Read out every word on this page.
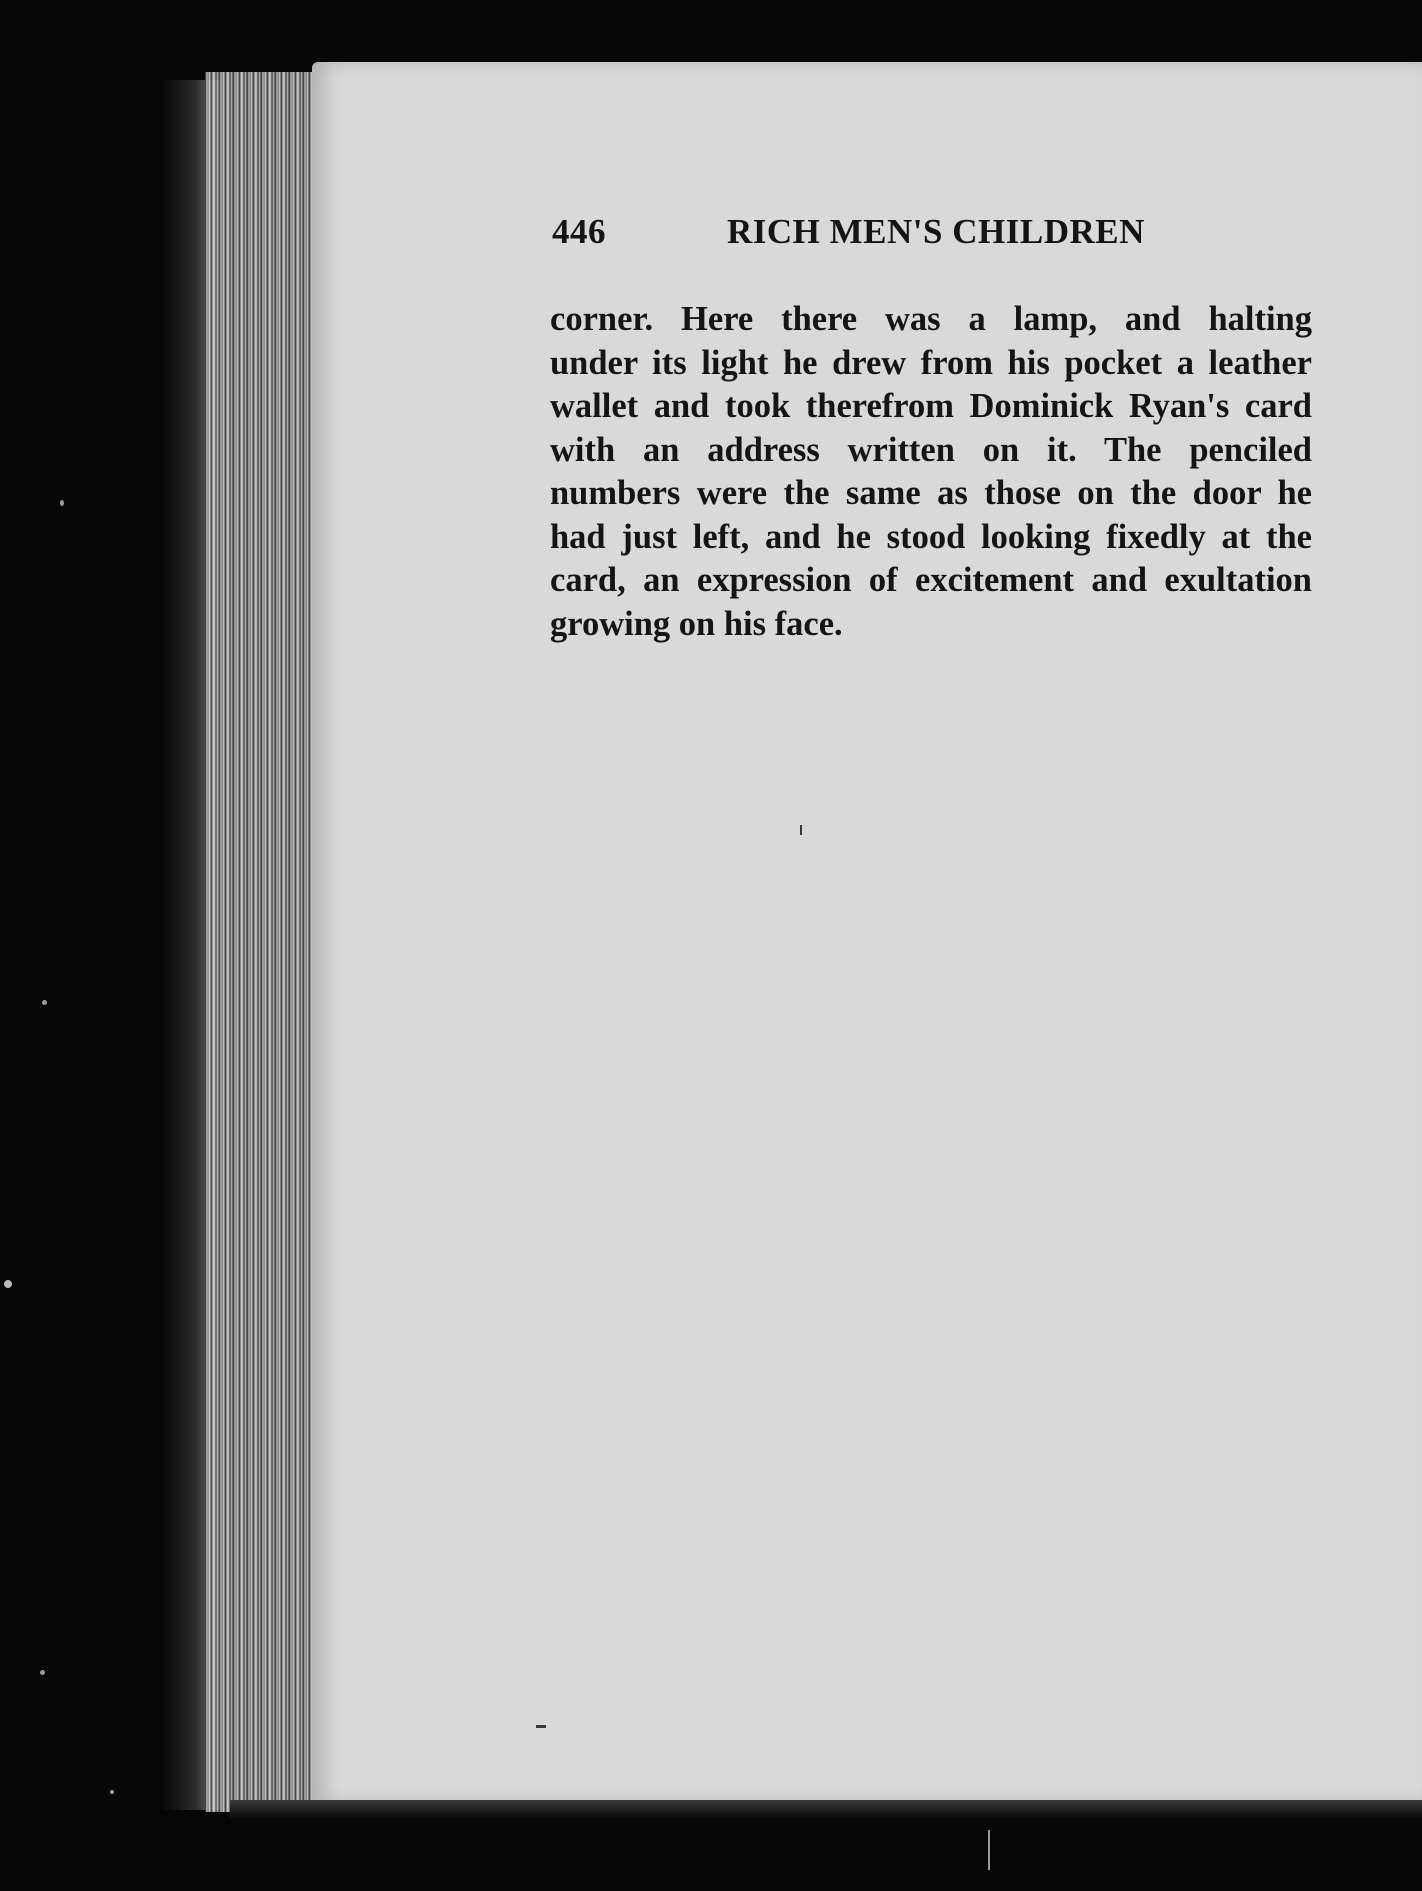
446	RICH MEN'S CHILDREN
corner. Here there was a lamp, and halting
under its light he drew from his pocket a leather
wallet and took therefrom Dominick Ryan's card
with an address written on it. The penciled
numbers were the same as those on the door he
had just left, and he stood looking fixedly at the
card, an expression of excitement and exultation
growing on his face.
